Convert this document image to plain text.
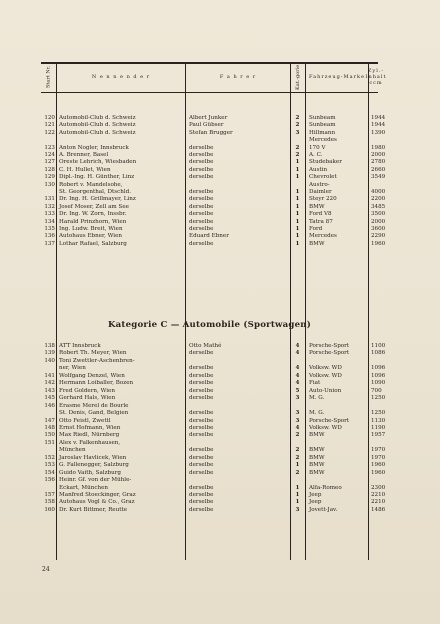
Start Nr.	N e n n e n d e r	F a h r e r	Kat.-gorie	Fahrzeug-Marke
Zyl.-Inhalt ccm
120 Automobil-Club d. Schweiz	Albert Junker	2	Sunbeam	1944
121 Automobil-Club d. Schweiz	Paul Gübser	2	Sunbeam	1944
122 Automobil-Club d. Schweiz	Stefan Brugger	3	Hillmann	1390
Mercedes
123 Anton Nogler, Innsbruck	derselbe	2	170 V	1980
124 A. Brenner, Basel	derselbe	2	A. C.	2000
127 Oreste Lehrich, Wiesbaden	derselbe	1	Studebaker	2780
128 C. H. Hullet, Wien	derselbe	1	Austin	2660
129 Dipl.-Ing. H. Günther, Linz	derselbe	1	Chevrolet	3549
130 Robert v. Mandelsohe,	Austro-
St. Georgenthal, Dtschld.	derselbe	1	Daimler	4000
131 Dr. Ing. H. Grillmayer, Linz	derselbe	1	Steyr 220	2200
132 Josef Moser, Zell am See	derselbe	1	BMW	3485
133 Dr. Ing. W. Zorn, Inssbr.	derselbe	1	Ford V8	3500
134 Harald Prinzhorn, Wien	derselbe	1	Tatra 87	2000
135 Ing. Ludw. Breit, Wien	derselbe	1	Ford	3600
136 Autohaus Ebner, Wien	Eduard Ebner	1	Mercedes	2290
137 Lothar Rafael, Salzburg	derselbe	1	BMW	1960
Kategorie C — Automobile (Sportwagen)
138 ATT Innsbruck	Otto Mathé	4	Porsche-Sport	1100
139 Robert Th. Meyer, Wien	derselbe	4	Porsche-Sport	1086
140 Toni Zwettler-Aschenbren-
ner, Wien	derselbe	4	Volksw. WD	1096
141 Wolfgang Denzel, Wien	derselbe	4	Volksw. WD	1096
142 Hermann Loiballer, Bozen	derselbe	4	Fiat	1090
143 Fred Goldern, Wien	derselbe	5	Auto-Union	700
145 Gerhard Hals, Wien	derselbe	3	M. G.	1250
146 Erasme Merel de Bourle
St. Denis, Gand, Belgien	derselbe	3	M. G.	1250
147 Otto Feistl, Zwettl	derselbe	3	Porsche-Sport	1130
148 Ernst Hofmann, Wien	derselbe	4	Volksw. WD	1190
150 Max Riedl, Nürnberg	derselbe	2	BMW	1957
151 Alex v. Falkenhausen,
München	derselbe	2	BMW	1970
152 Jaroslav Havlicek, Wien	derselbe	2	BMW	1970
153 G. Fallenegger, Salzburg	derselbe	1	BMW	1960
154 Guido Vaith, Salzburg	derselbe	2	BMW	1960
156 Heinr. Gf. von der Mühle-
Eckart, München	derselbe	1	Alfa-Romeo	2300
157 Manfred Stoeckinger, Graz	derselbe	1	Jeep	2210
158 Autohaus Vogl & Co., Graz	derselbe	1	Jeep	2210
160 Dr. Kurt Bittmer, Reutte	derselbe	3	Jovett-Jav.	1486
24
